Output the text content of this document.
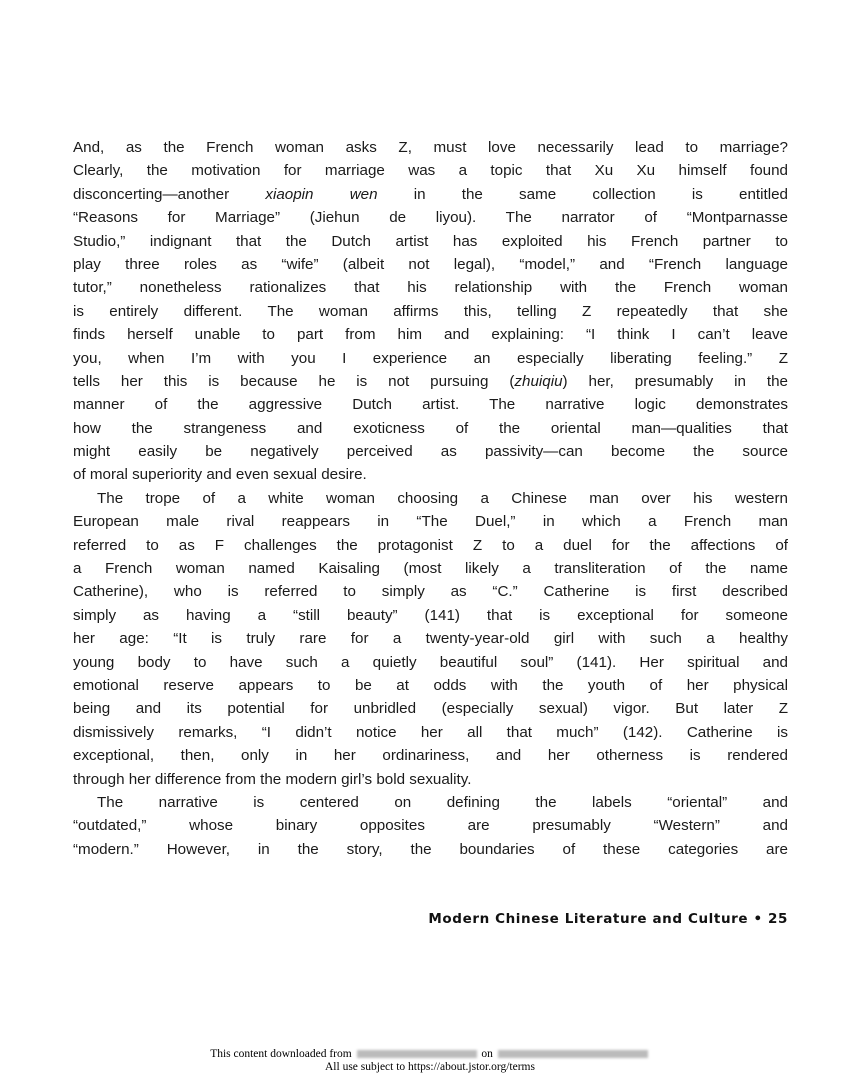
And, as the French woman asks Z, must love necessarily lead to marriage?
Clearly, the motivation for marriage was a topic that Xu Xu himself found
disconcerting—another xiaopin wen in the same collection is entitled
“Reasons for Marriage” (Jiehun de liyou). The narrator of “Montparnasse
Studio,” indignant that the Dutch artist has exploited his French partner to
play three roles as “wife” (albeit not legal), “model,” and “French language
tutor,” nonetheless rationalizes that his relationship with the French woman
is entirely different. The woman affirms this, telling Z repeatedly that she
finds herself unable to part from him and explaining: “I think I can’t leave
you, when I’m with you I experience an especially liberating feeling.” Z
tells her this is because he is not pursuing (zhuiqiu) her, presumably in the
manner of the aggressive Dutch artist. The narrative logic demonstrates
how the strangeness and exoticness of the oriental man—qualities that
might easily be negatively perceived as passivity—can become the source
of moral superiority and even sexual desire.
The trope of a white woman choosing a Chinese man over his western
European male rival reappears in “The Duel,” in which a French man
referred to as F challenges the protagonist Z to a duel for the affections of
a French woman named Kaisaling (most likely a transliteration of the name
Catherine), who is referred to simply as “C.” Catherine is first described
simply as having a “still beauty” (141) that is exceptional for someone
her age: “It is truly rare for a twenty-year-old girl with such a healthy
young body to have such a quietly beautiful soul” (141). Her spiritual and
emotional reserve appears to be at odds with the youth of her physical
being and its potential for unbridled (especially sexual) vigor. But later Z
dismissively remarks, “I didn’t notice her all that much” (142). Catherine is
exceptional, then, only in her ordinariness, and her otherness is rendered
through her difference from the modern girl’s bold sexuality.
The narrative is centered on defining the labels “oriental” and
“outdated,” whose binary opposites are presumably “Western” and
“modern.” However, in the story, the boundaries of these categories are
Modern Chinese Literature and Culture • 25
This content downloaded from	on
All use subject to https://about.jstor.org/terms
